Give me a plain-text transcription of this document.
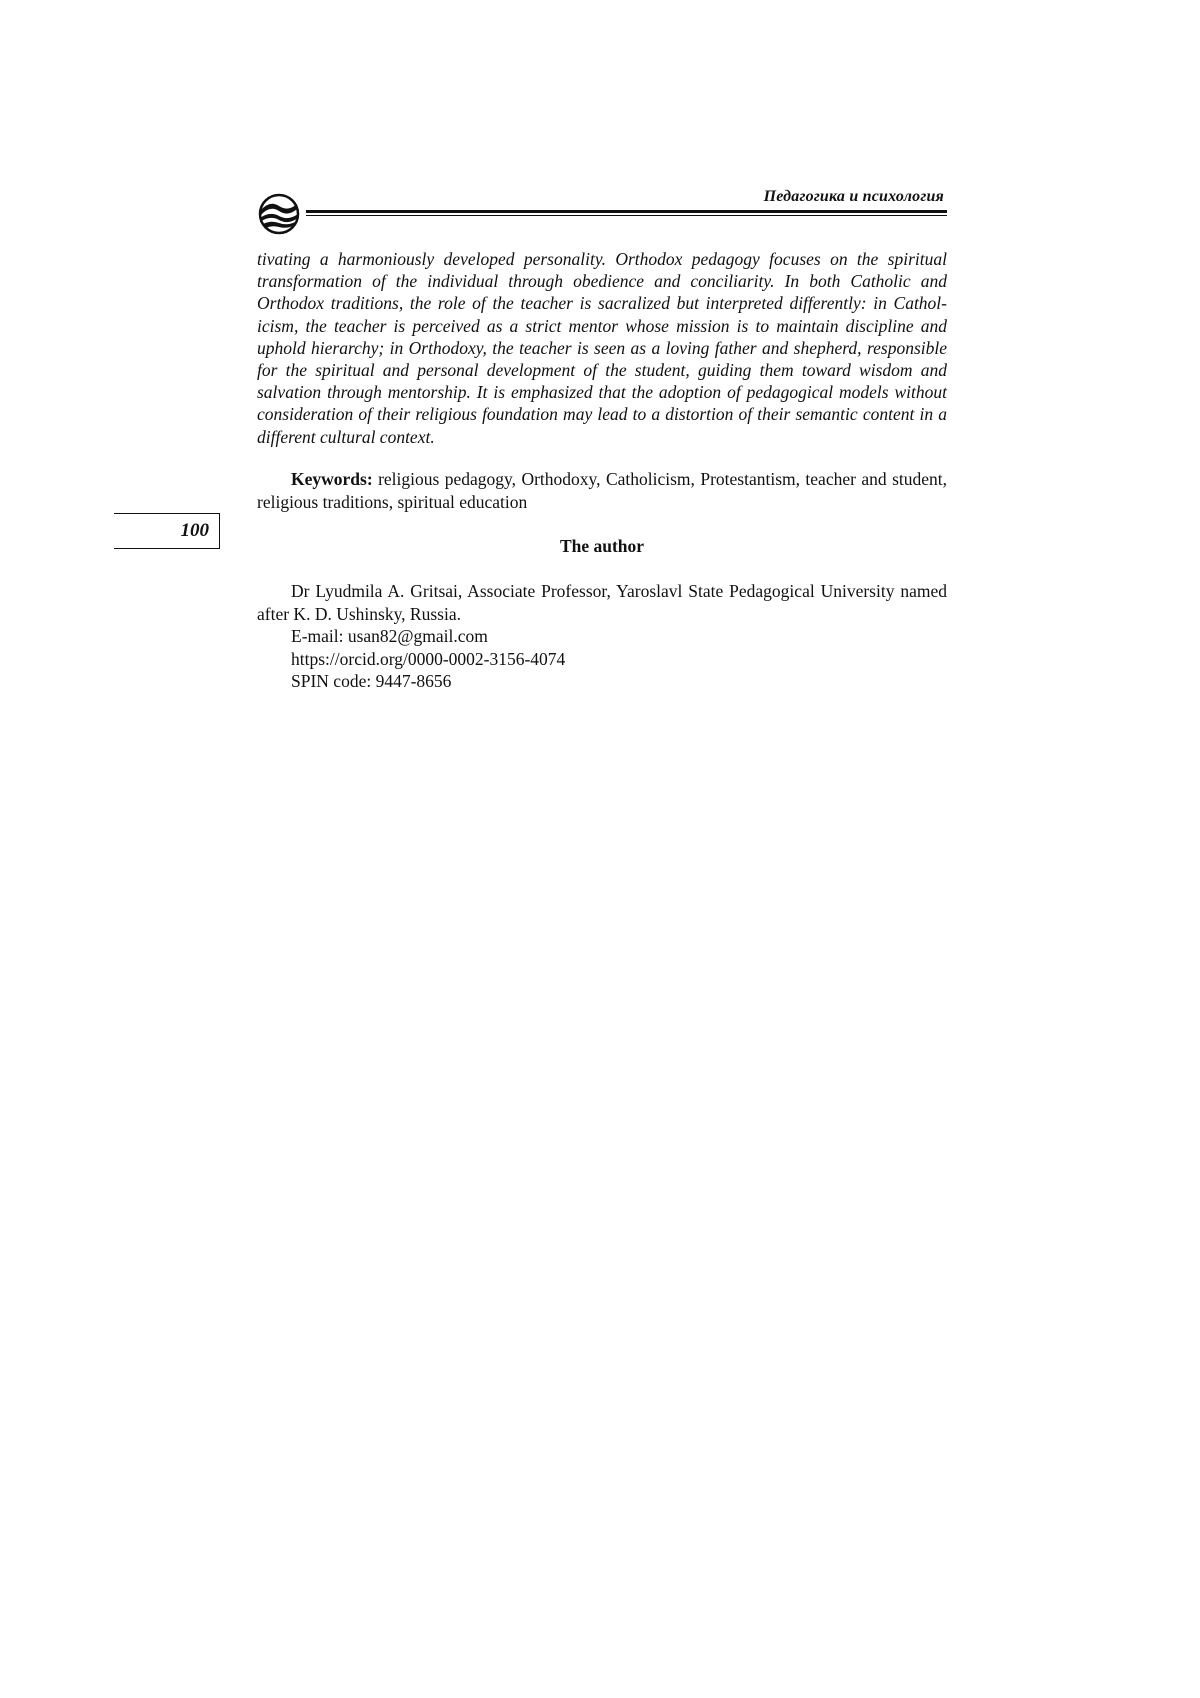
Педагогика и психология

tivating a harmoniously developed personality. Orthodox pedagogy focuses on the spiritual transformation of the individual through obedience and conciliarity. In both Catholic and Orthodox traditions, the role of the teacher is sacralized but interpreted differently: in Catholicism, the teacher is perceived as a strict mentor whose mission is to maintain discipline and uphold hierarchy; in Orthodoxy, the teacher is seen as a loving father and shepherd, responsible for the spiritual and personal development of the student, guiding them toward wisdom and salvation through mentorship. It is emphasized that the adoption of pedagogical models without consideration of their religious foundation may lead to a distortion of their semantic content in a different cultural context.

Keywords: religious pedagogy, Orthodoxy, Catholicism, Protestantism, teacher and student, religious traditions, spiritual education

100
The author

Dr Lyudmila A. Gritsai, Associate Professor, Yaroslavl State Pedagogical University named after K. D. Ushinsky, Russia.

E-mail: usan82@gmail.com

https://orcid.org/0000-0002-3156-4074

SPIN code: 9447-8656
